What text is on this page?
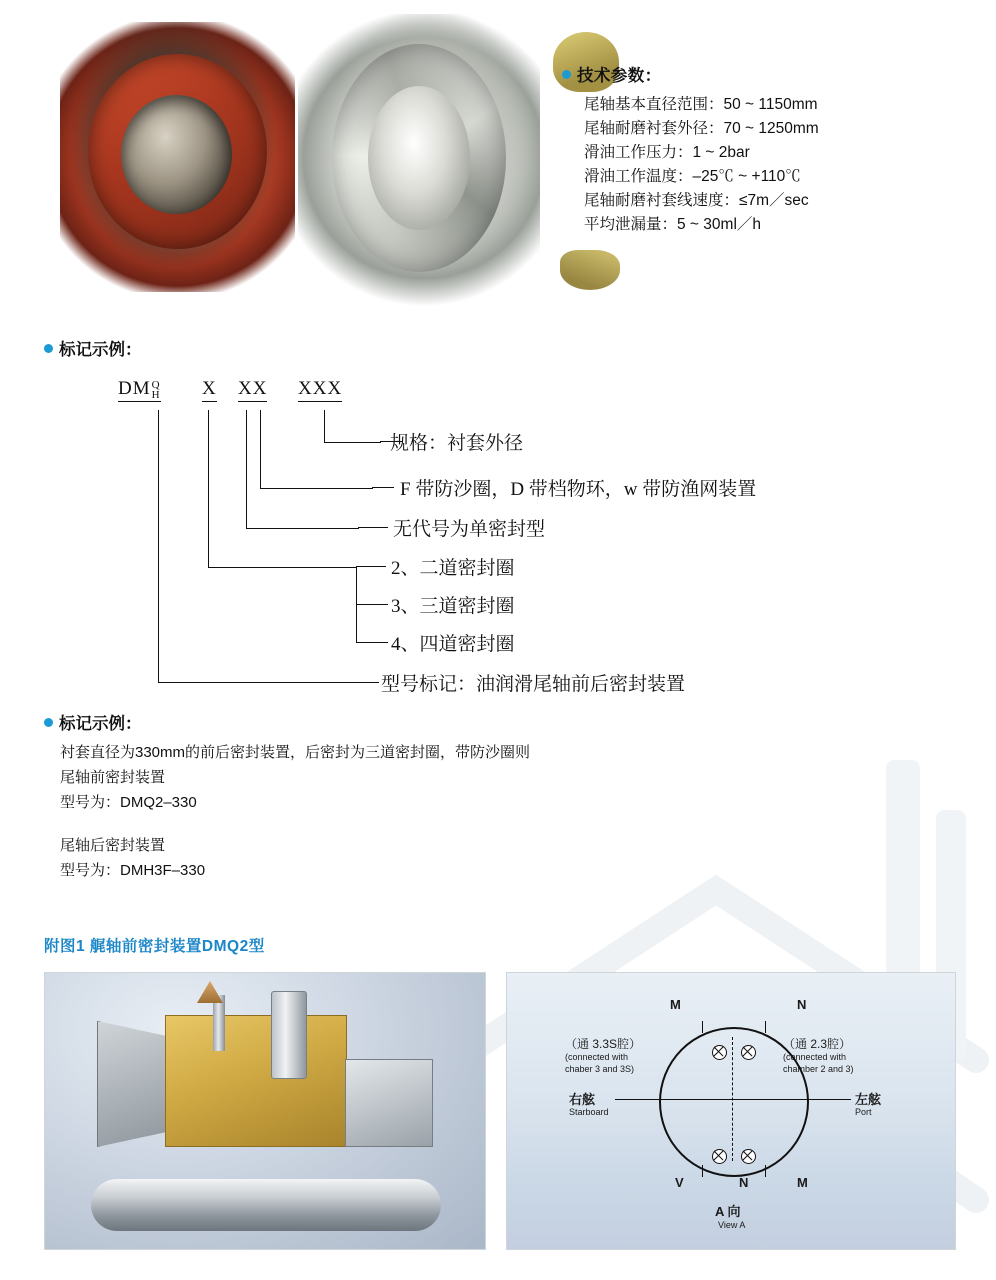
技术参数：
尾轴基本直径范围：50 ~ 1150mm
尾轴耐磨衬套外径：70 ~ 1250mm
滑油工作压力：1 ~ 2bar
滑油工作温度：–25℃ ~ +110℃
尾轴耐磨衬套线速度：≤7m／sec
平均泄漏量：5 ~ 30ml／h
标记示例：
DM Q
H X XX XXX
规格：衬套外径
F 带防沙圈，D 带档物环，w 带防渔网装置
无代号为单密封型
2、二道密封圈
3、三道密封圈
4、四道密封圈
型号标记：油润滑尾轴前后密封装置
标记示例：
衬套直径为330mm的前后密封装置，后密封为三道密封圈，带防沙圈则
尾轴前密封装置
型号为：DMQ2–330
尾轴后密封装置
型号为：DMH3F–330
附图1 艉轴前密封装置DMQ2型
M	N
（通 3.3S腔）
(connected with
chaber 3 and 3S)
（通 2.3腔）
(connected with
chamber 2 and 3)
右舷
Starboard
左舷
Port
V	N	M
A 向
View A
